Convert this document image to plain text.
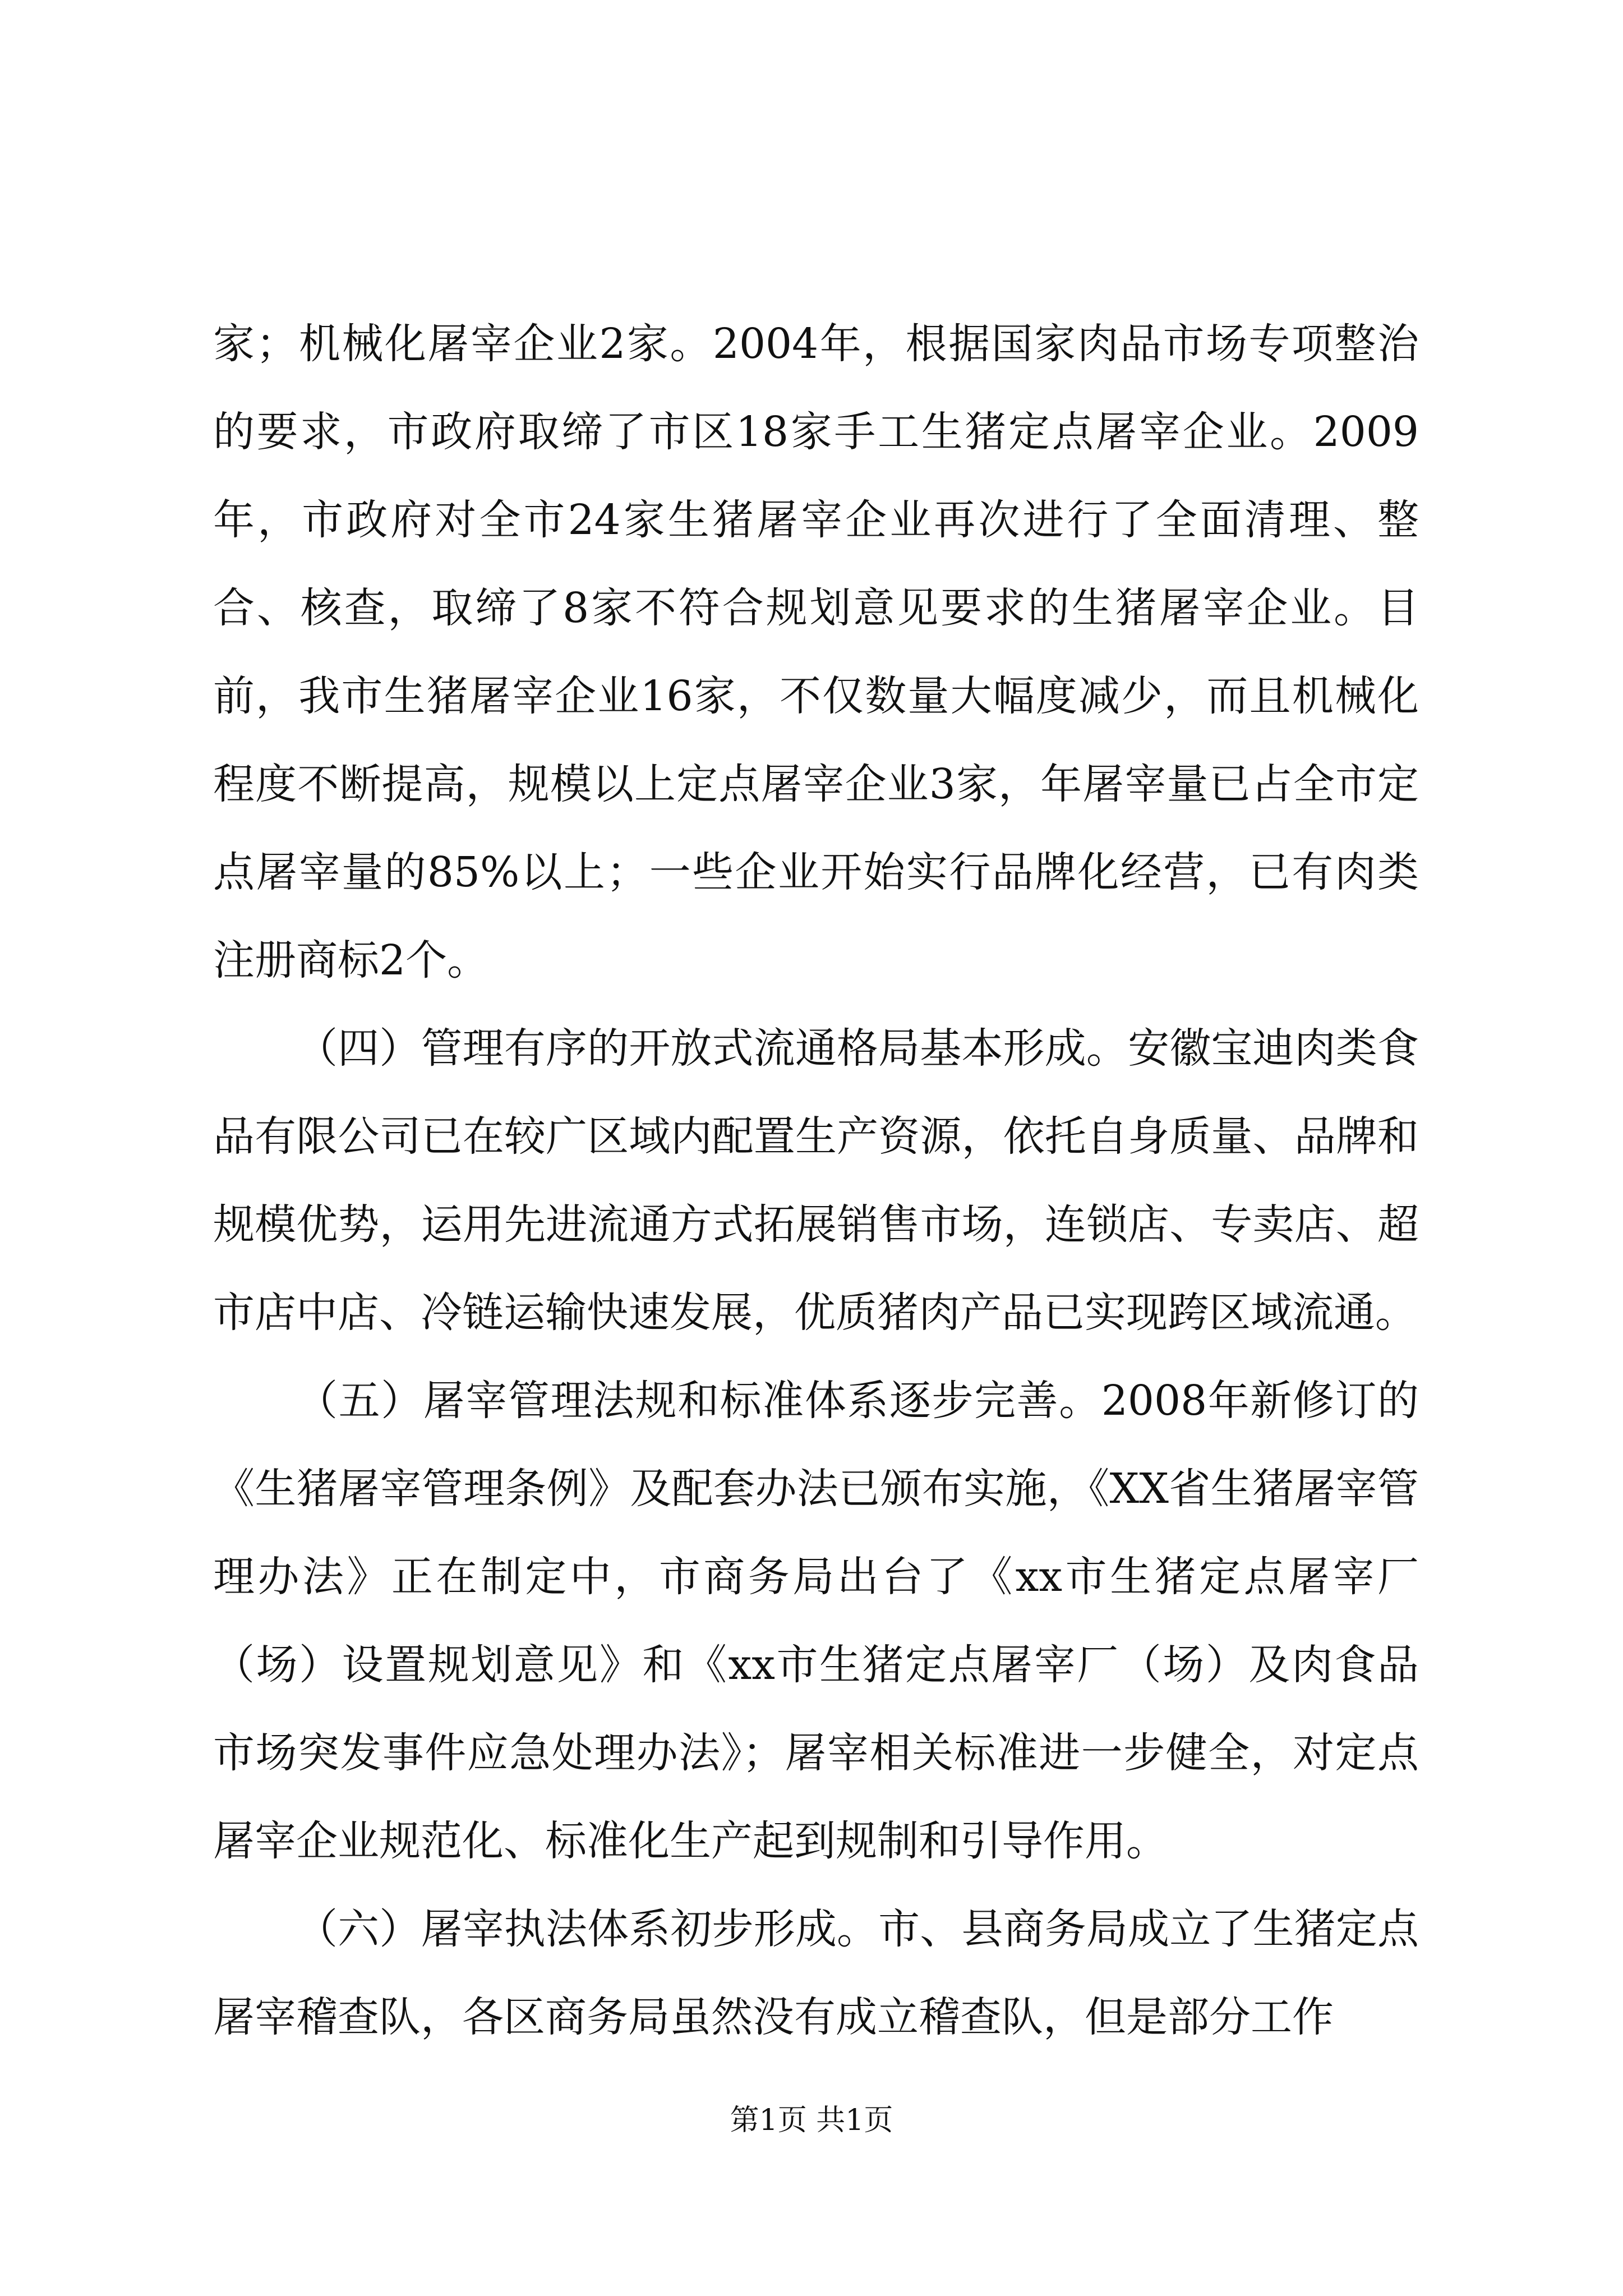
家；机械化屠宰企业2家。2004年，根据国家肉品市场专项整治的要求，市政府取缔了市区18家手工生猪定点屠宰企业。2009年，市政府对全市24家生猪屠宰企业再次进行了全面清理、整合、核查，取缔了8家不符合规划意见要求的生猪屠宰企业。目前，我市生猪屠宰企业16家，不仅数量大幅度减少，而且机械化程度不断提高，规模以上定点屠宰企业3家，年屠宰量已占全市定点屠宰量的85%以上；一些企业开始实行品牌化经营，已有肉类注册商标2个。

（四）管理有序的开放式流通格局基本形成。安徽宝迪肉类食品有限公司已在较广区域内配置生产资源，依托自身质量、品牌和规模优势，运用先进流通方式拓展销售市场，连锁店、专卖店、超市店中店、冷链运输快速发展，优质猪肉产品已实现跨区域流通。

（五）屠宰管理法规和标准体系逐步完善。2008年新修订的《生猪屠宰管理条例》及配套办法已颁布实施，《XX省生猪屠宰管理办法》正在制定中，市商务局出台了《xx市生猪定点屠宰厂（场）设置规划意见》和《xx市生猪定点屠宰厂（场）及肉食品市场突发事件应急处理办法》；屠宰相关标准进一步健全，对定点屠宰企业规范化、标准化生产起到规制和引导作用。

（六）屠宰执法体系初步形成。市、县商务局成立了生猪定点屠宰稽查队，各区商务局虽然没有成立稽查队，但是部分工作

第1页 共1页
